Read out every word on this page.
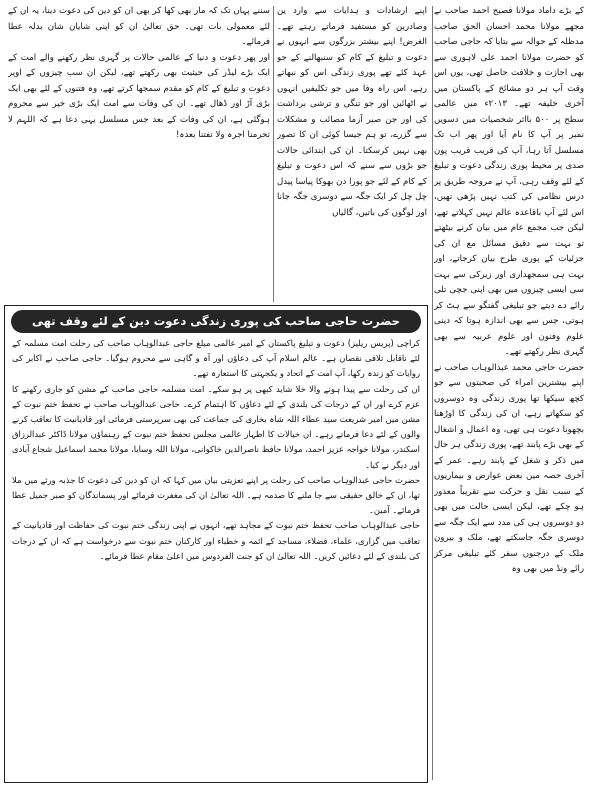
کے بڑے داماد مولانا فصیح احمد صاحب نے مجھے مولانا محمد احسان الحق صاحب مدظلہ کے حوالہ سے بتایا کہ حاجی صاحب کو حضرت مولانا احمد علی لاہوری سے بھی اجازت و خلافت حاصل تھی، یوں اس وقت آپ ہر دو مشائخ کے پاکستان میں آخری خلیفہ تھے۔ ۲۰۱۳ء میں عالمی سطح پر ۵۰۰ بااثر شخصیات میں دسویں نمبر پر آپ کا نام آیا اور پھر اب تک مسلسل آتا رہا، آپ کی قریب قریب پون صدی پر محیط پوری زندگی دعوت و تبلیغ کے لئے وقف رہی، آپ نے مروجہ طریق پر درس نظامی کی کتب نہیں پڑھی تھیں، اس لئے آپ باقاعدہ عالم نہیں کہلاتے تھے، لیکن جب مجمع عام میں بیان کرنے بیٹھتے تو بہت سے دقیق مسائل مع ان کی جزئیات کے پوری طرح بیان کرجاتے، اور بہت ہی سمجھداری اور زیرکی سے بہت سی ایسی چیزوں میں بھی اپنی جچی تلی رائے دے دیتے جو تبلیغی گفتگو سے ہٹ کر ہوتی، جس سے بھی اندازہ ہوتا کہ دینی علوم وفنون اور علوم عربیہ سے بھی گہری نظر رکھتے تھے۔

حضرت حاجی محمد عبدالوہاب صاحب نے اپنے بیشترین امراء کی صحبتوں سے جو کچھ سیکھا تھا پوری زندگی وہ دوسروں کو سکھاتے رہے، ان کی زندگی کا اوڑھنا بچھونا دعوت ہی تھی، وہ اعمال و اشغال کے بھی بڑے پابند تھے، پوری زندگی ہر حال میں ذکر و شغل کے پابند رہے۔ عمر کے آخری حصہ میں بعض عوارض و بیماریوں کے سبب نقل و حرکت سے تقریباً معذور ہو چکے تھے، لیکن ایسی حالت میں بھی دو دوسروں ہی کی مدد سے ایک جگہ سے دوسری جگہ جاسکتے تھے، ملک و بیرون ملک کے درجنوں سفر کئے تبلیغی مرکز رائے ونڈ میں بھی وہ

اپنے ارشادات و ہدایات سے وارد ین وصادرین کو مستفید فرماتے رہتے تھے۔ الغرض! اپنے بیشتر بزرگوں سے انہوں نے دعوت و تبلیغ کے کام کو سنبھالنے کے جو عہد کئے تھے پوری زندگی اس کو نبھاتے رہے، اس راہ وفا میں جو تکلیفیں انہوں نے اٹھائیں اور جو تنگی و ترشی برداشت کی اور جن صبر آزما مصائب و مشکلات سے گزرے، تو ہم جیسا کوئی ان کا تصور بھی نہیں کرسکتا۔ ان کی ابتدائی حالات جو بڑوں سے سنے کہ اس دعوت و تبلیغ کے کام کے لئے جو پورا دن بھوکا پیاسا پیدل چل چل کر ایک جگہ سے دوسری جگہ جانا اور لوگوں کی باتیں، گالیاں

سننے پہاں تک کہ مار بھی کھا کر بھی ان کو دین کی دعوت دینا، یہ ان کے لئے معمولی بات تھی۔ حق تعالیٰ ان کو اپنی شایان شان بدلہ عطا فرمائے۔

اور پھر دعوت و دنیا کے عالمی حالات پر گہری نظر رکھنے والے امت کے ایک بڑے لیڈر کی حیثیت بھی رکھتے تھے، لیکن ان سب چیزوں کے اوپر دعوت و تبلیغ کے کام کو مقدم سمجھا کرتے تھے، وہ فتنوں کے لئے بھی ایک بڑی آڑ اور ڈھال تھے۔ ان کی وفات سے امت ایک بڑی خیر سے محروم ہوگئی ہے، ان کی وفات کے بعد جس مسلسل یہی دعا ہے کہ اللہم لا تحرمنا اجرہ ولا تفتنا بعدہ!

حضرت حاجی صاحب کی پوری زندگی دعوت دین کے لئے وقف تھی

کراچی (پریس ریلیز) دعوت و تبلیغ پاکستان کے امیر عالمی مبلغ حاجی عبدالوہاب صاحب کی رحلت امت مسلمہ کے لئے ناقابل تلافی نقصان ہے۔ عالم اسلام آپ کی دعاؤں اور آہ و گاہی سے محروم ہوگیا۔ حاجی صاحب نے اکابر کی روایات کو زندہ رکھا، آپ امت کے اتحاد و یکجہتی کا استعارہ تھے۔

ان کی رحلت سے پیدا ہونے والا خلا شاید کبھی پر ہو سکے۔ امت مسلمہ حاجی صاحب کے مشن کو جاری رکھنے کا عزم کرے اور ان کے درجات کی بلندی کے لئے دعاؤں کا اہتمام کرے۔ حاجی عبدالوہاب صاحب نے تحفظ ختم نبوت کے مشن میں امیر شریعت سید عطاء اللہ شاہ بخاری کی جماعت کی بھی سرپرستی فرمائی اور قادیانیت کا تعاقب کرنے والوں کے لئے دعا فرماتے رہے۔ ان خیالات کا اظہار عالمی مجلس تحفظ ختم نبوت کے رہنماؤں مولانا ڈاکٹر عبدالرزاق اسکندر، مولانا خواجہ عزیز احمد، مولانا حافظ ناصرالدین خاکوانی، مولانا اللہ وسایا، مولانا محمد اسماعیل شجاع آبادی اور دیگر نے کیا۔

حضرت حاجی عبدالوہاب صاحب کی رحلت پر اپنے تعزیتی بیان میں کہا کہ ان کو دین کی دعوت کا جذبہ ورثے میں ملا تھا، ان کے خالق حقیقی سے جا ملنے کا صدمہ ہے۔ اللہ تعالیٰ ان کی مغفرت فرمائے اور پسماندگان کو صبر جمیل عطا فرمائے۔ آمین۔

حاجی عبدالوہاب صاحب تحفظ ختم نبوت کے مجاہد تھے، انہوں نے اپنی زندگی ختم نبوت کی حفاظت اور قادیانیت کے تعاقب میں گزاری، علماء، فضلاء، مساجد کے ائمہ و خطباء اور کارکنان ختم نبوت سے درخواست ہے کہ ان کے درجات کی بلندی کے لئے دعائیں کریں۔ اللہ تعالیٰ ان کو جنت الفردوس میں اعلیٰ مقام عطا فرمائے۔
